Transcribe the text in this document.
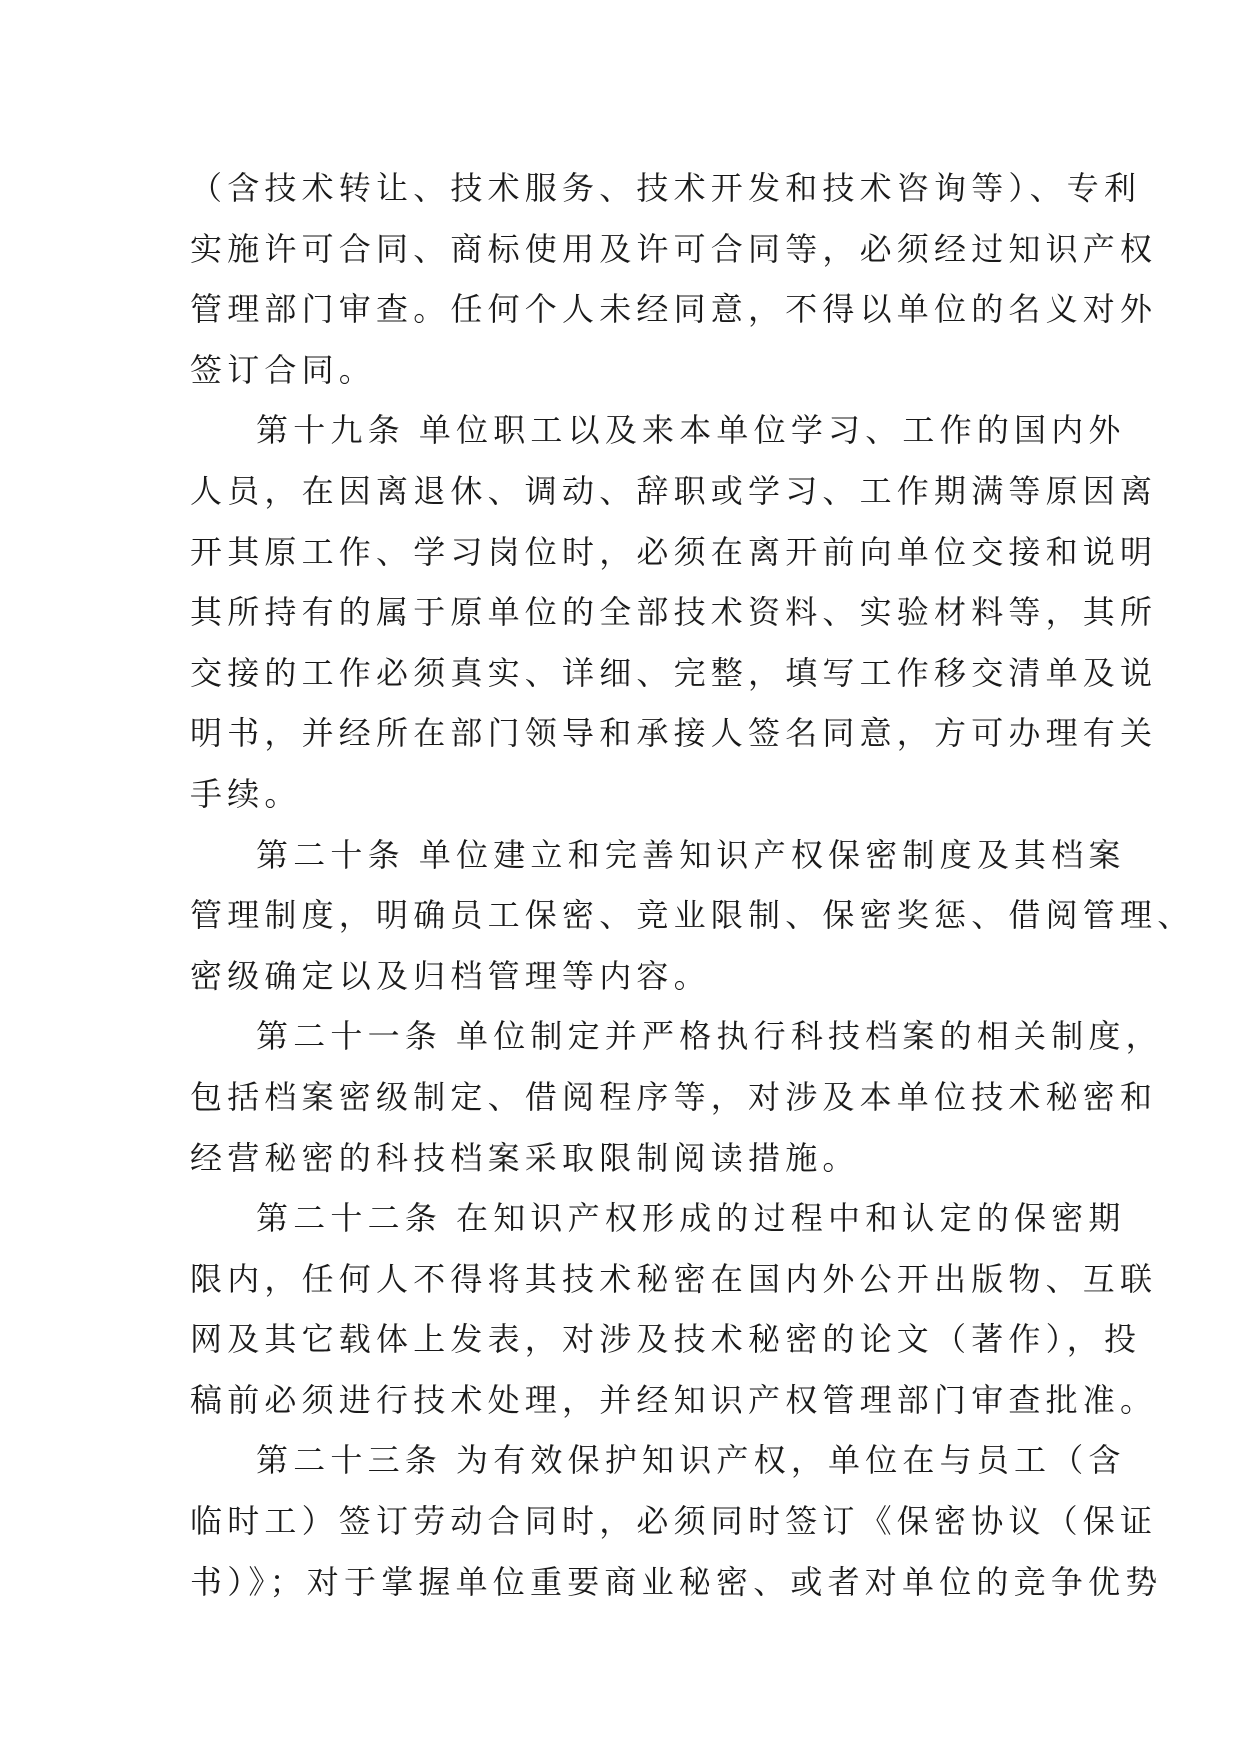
（含技术转让、技术服务、技术开发和技术咨询等）、专利
实施许可合同、商标使用及许可合同等，必须经过知识产权
管理部门审查。任何个人未经同意，不得以单位的名义对外
签订合同。
第十九条 单位职工以及来本单位学习、工作的国内外
人员，在因离退休、调动、辞职或学习、工作期满等原因离
开其原工作、学习岗位时，必须在离开前向单位交接和说明
其所持有的属于原单位的全部技术资料、实验材料等，其所
交接的工作必须真实、详细、完整，填写工作移交清单及说
明书，并经所在部门领导和承接人签名同意，方可办理有关
手续。
第二十条 单位建立和完善知识产权保密制度及其档案
管理制度，明确员工保密、竞业限制、保密奖惩、借阅管理、
密级确定以及归档管理等内容。
第二十一条 单位制定并严格执行科技档案的相关制度，
包括档案密级制定、借阅程序等，对涉及本单位技术秘密和
经营秘密的科技档案采取限制阅读措施。
第二十二条 在知识产权形成的过程中和认定的保密期
限内，任何人不得将其技术秘密在国内外公开出版物、互联
网及其它载体上发表，对涉及技术秘密的论文（著作），投
稿前必须进行技术处理，并经知识产权管理部门审查批准。
第二十三条 为有效保护知识产权，单位在与员工（含
临时工）签订劳动合同时，必须同时签订《保密协议（保证
书）》；对于掌握单位重要商业秘密、或者对单位的竞争优势
